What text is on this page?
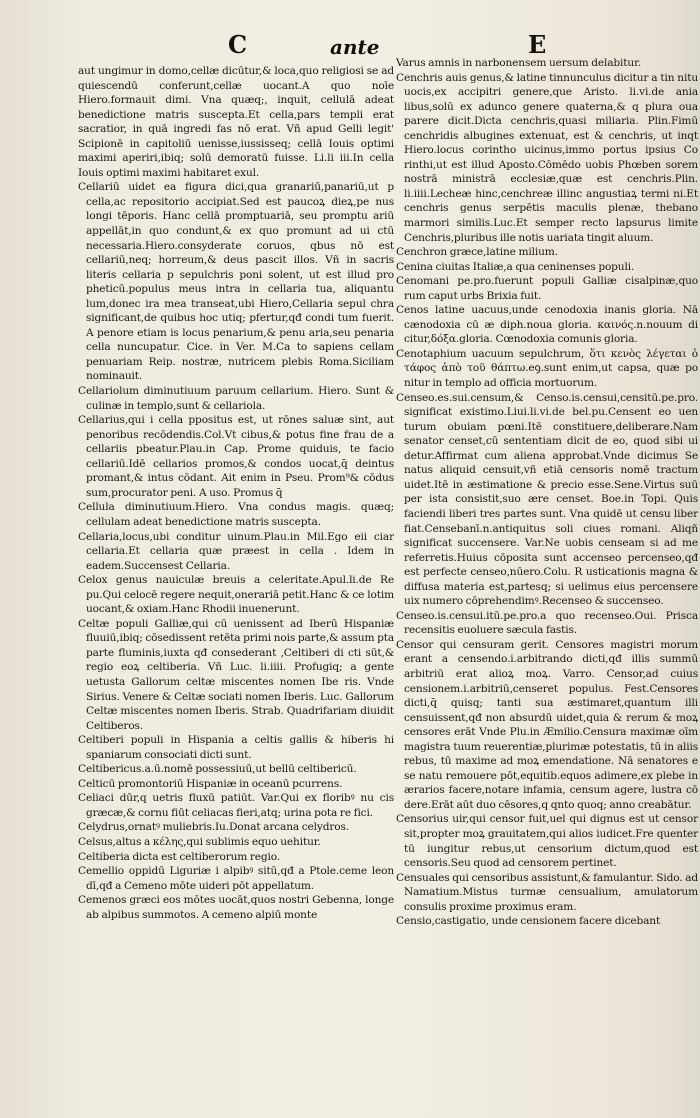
C	ante	E

aut ungimur in domo,cellæ dicūtur,& loca,quo religiosi se ad quiescendū conferunt,cellæ uocant.A quo noīe Hiero.formauit dimi. Vna quæq;, inquit, cellulā adeat benedictione matris suscepta.Et cella,pars templi erat sacratior, in quā ingredi fas nō erat. Vñ apud Gelli legit' Scipionē in capitoliū uenisse,iussisseq; cellā Iouis optimi maximi aperiri,ibiq; solū demoratū fuisse. Li.li iii.In cella Iouis optimi maximi habitaret exul.

Cellariū uidet ea figura dici,qua granariū,panariū,ut p cella,ac repositorio accipiat.Sed est paucoꝝ dieꝝ,pe nus longi tēporis. Hanc cellā promptuariā, seu promptu ariū appellāt,in quo condunt,& ex quo promunt ad ui ctū necessaria.Hiero.consyderate coruos, qbus nō est cellariū,neq; horreum,& deus pascit illos. Vñ in sacris literis cellaria p sepulchris poni solent, ut est illud pro pheticū.populus meus intra in cellaria tua, aliquantu lum,donec ira mea transeat,ubi Hiero,Cellaria sepul chra significant,de quibus hoc utiq; pfertur,qđ condi tum fuerit. A penore etiam is locus penarium,& penu aria,seu penaria cella nuncupatur. Cice. in Ver. M.Ca to sapiens cellam penuariam Reip. nostræ, nutricem plebis Roma.Siciliam nominauit.

Cellariolum diminutiuum paruum cellarium. Hiero. Sunt & culinæ in templo,sunt & cellariola.

Cellarius,qui i cella ppositus est, ut rōnes saluæ sint, aut penoribus recōdendis.Col.Vt cibus,& potus fine frau de a cellariis pbeatur.Plau.in Cap. Prome quiduis, te facio cellariū.Idē cellarios promos,& condos uocat,q̄ deintus promant,& intus cōdant. Ait enim in Pseu. Prom⁹& cōdus sum,procurator peni. A uso. Promus q̄

Cellula diminutiuum.Hiero. Vna condus magis. quæq; cellulam adeat benedictione matris suscepta.

Cellaria,locus,ubi conditur uinum.Plau.in Mil.Ego eii ciar cellaria.Et cellaria quæ præest in cella . Idem in eadem.Succensest Cellaria.

Celox genus nauiculæ breuis a celeritate.Apul.li.de Re pu.Qui celocē regere nequit,onerariā petit.Hanc & ce lotim uocant,& oxiam.Hanc Rhodii inuenerunt.

Celtæ populi Galliæ,qui cū uenissent ad Iberū Hispaniæ fluuiū,ibiq; cōsedissent retēta primi nois parte,& assum pta parte fluminis,iuxta qđ consederant ,Celtiberi di cti sūt,& regio eoꝝ celtiberia. Vñ Luc. li.iiii. Profugiq; a gente uetusta Gallorum celtæ miscentes nomen Ibe ris. Vnde Sirius. Venere & Celtæ sociati nomen Iberis. Luc. Gallorum Celtæ miscentes nomen Iberis. Strab. Quadrifariam diuidit Celtiberos.

Celtiberi populi in Hispania a celtis gallis & hiberis hi spaniarum consociati dicti sunt.

Celtibericus.a.ū.nomē possessiuū,ut bellū celtibericū.

Celticū promontoriū Hispaniæ in oceanū pcurrens.

Celiaci dūr,q uetris fluxū patiūt. Var.Qui ex floribꝰ nu cis græcæ,& cornu fiūt celiacas fieri,atq; urina pota re fici.

Celydrus,ornatꝰ muliebris.Iu.Donat arcana celydros.

Celsus,altus a κέλης,qui sublimis equo uehitur.

Celtiberia dicta est celtiberorum regio.

Cemellio oppidū Liguriæ i alpibꝰ sitū,qđ a Ptole.ceme leon dī,qđ a Cemeno mōte uideri pōt appellatum.

Cemenos græci eos mōtes uocāt,quos nostri Gebenna, longe ab alpibus summotos. A cemeno alpiū monte

Varus amnis in narbonensem uersum delabitur.

Cenchris auis genus,& latine tinnunculus dicitur a tin nitu uocis,ex accipitri genere,que Aristo. li.vi.de ania libus,solū ex adunco genere quaterna,& q plura oua parere dicit.Dicta cenchris,quasi miliaria. Plin.Fimū cenchridis albugines extenuat, est & cenchris, ut inqt Hiero.locus corintho uicinus,immo portus ipsius Co rinthi,ut est illud Aposto.Cōmēdo uobis Phœben sorem nostrā ministrā ecclesiæ,quæ est cenchris.Plin. li.iiii.Lecheæ hinc,cenchreæ illinc angustiaꝝ termi ni.Et cenchris genus serpētis maculis plenæ, thebano marmori similis.Luc.Et semper recto lapsurus limite Cenchris,pluribus ille notis uariata tingit aluum.

Cenchron græce,latine milium.

Cenina ciuitas Italiæ,a qua ceninenses populi.

Cenomani pe.pro.fuerunt populi Galliæ cisalpinæ,quo rum caput urbs Brixia fuit.

Cenos latine uacuus,unde cenodoxia inanis gloria. Nā cænodoxia cū æ diph.noua gloria. καινός.n.nouum di citur,δόξα.gloria. Cœnodoxia comunis gloria.

Cenotaphium uacuum sepulchrum, ὅτι κενὸς λέγεται ὁ τάφος ἀπὸ τοῦ θάπτω.eꝯ.sunt enim,ut capsa, quæ po nitur in templo ad officia mortuorum.

Censeo.es.sui.censum,& Censo.is.censui,censitū.pe.pro. significat existimo.Liui.li.vi.de bel.pu.Censent eo uen turum obuiam pœni.Itē constituere,deliberare.Nam senator censet,cū sententiam dicit de eo, quod sibi ui detur.Affirmat cum aliena approbat.Vnde dicimus Se natus aliquid censuit,vñ etiā censoris nomē tractum uidet.Itē in æstimatione & precio esse.Sene.Virtus suū per ista consistit,suo ære censet. Boe.in Topi. Quis faciendi liberi tres partes sunt. Vna quidē ut censu liber fiat.Censebanī.n.antiquitus soli ciues romani. Aliqñ significat succensere. Var.Ne uobis censeam si ad me referretis.Huius cōposita sunt accenseo percenseo,qđ est perfecte censeo,nūero.Colu. R usticationis magna & diffusa materia est,partesq; si uelimus eius percensere uix numero cōprehendimꝰ.Recenseo & succenseo.

Censeo.is.censui.itū.pe.pro.a quo recenseo.Oui. Prisca recensitis euoluere sæcula fastis.

Censor qui censuram gerit. Censores magistri morum erant a censendo.i.arbitrando dicti,qđ illis summū arbitriū erat alioꝝ moꝝ. Varro. Censor,ad cuius censionem.i.arbitriū,censeret populus. Fest.Censores dicti,q̄ quisq; tanti sua æstimaret,quantum illi censuissent,qđ non absurdū uidet,quia & rerum & moꝝ censores erāt Vnde Plu.in Æmilio.Censura maximæ oīm magistra tuum reuerentiæ,plurimæ potestatis, tū in aliis rebus, tū maxime ad moꝝ emendatione. Nā senatores e se natu remouere pōt,equitib.equos adimere,ex plebe in ærarios facere,notare infamia, censum agere, lustra cō dere.Erāt aūt duo cēsores,q qnto quoq; anno creabātur.

Censorius uir,qui censor fuit,uel qui dignus est ut censor sit,propter moꝝ grauitatem,qui alios iudicet.Fre quenter tū iungitur rebus,ut censorium dictum,quod est censoris.Seu quod ad censorem pertinet.

Censuales qui censoribus assistunt,& famulantur. Sido. ad Namatium.Mistus turmæ censualium, amulatorum consulis proxime proximus eram.

Censio,castigatio, unde censionem facere dicebant
